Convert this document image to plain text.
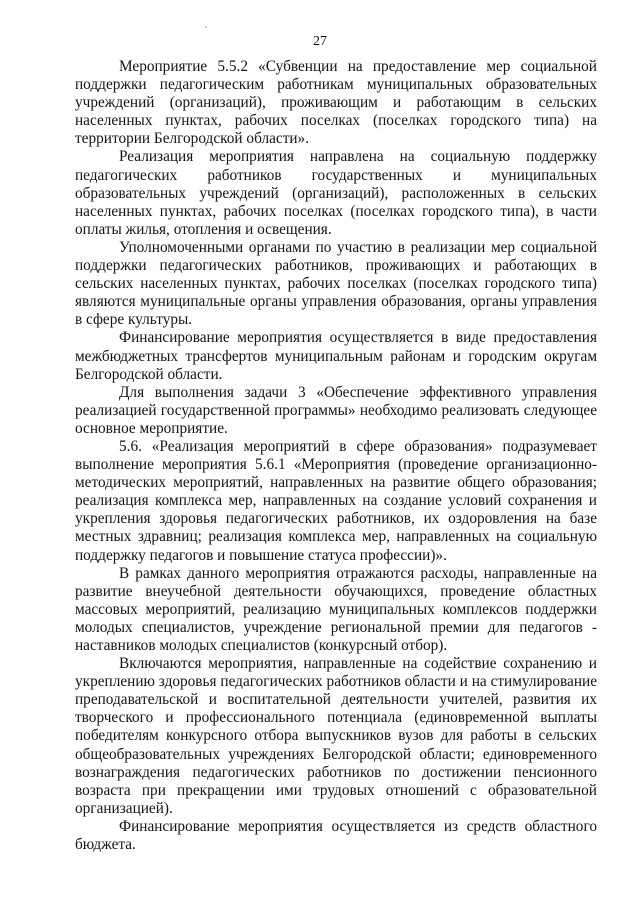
27

Мероприятие 5.5.2 «Субвенции на предоставление мер социальной поддержки педагогическим работникам муниципальных образовательных учреждений (организаций), проживающим и работающим в сельских населенных пунктах, рабочих поселках (поселках городского типа) на территории Белгородской области».

Реализация мероприятия направлена на социальную поддержку педагогических работников государственных и муниципальных образовательных учреждений (организаций), расположенных в сельских населенных пунктах, рабочих поселках (поселках городского типа), в части оплаты жилья, отопления и освещения.

Уполномоченными органами по участию в реализации мер социальной поддержки педагогических работников, проживающих и работающих в сельских населенных пунктах, рабочих поселках (поселках городского типа) являются муниципальные органы управления образования, органы управления в сфере культуры.

Финансирование мероприятия осуществляется в виде предоставления межбюджетных трансфертов муниципальным районам и городским округам Белгородской области.

Для выполнения задачи 3 «Обеспечение эффективного управления реализацией государственной программы» необходимо реализовать следующее основное мероприятие.

5.6. «Реализация мероприятий в сфере образования» подразумевает выполнение мероприятия 5.6.1 «Мероприятия (проведение организационно-методических мероприятий, направленных на развитие общего образования; реализация комплекса мер, направленных на создание условий сохранения и укрепления здоровья педагогических работников, их оздоровления на базе местных здравниц; реализация комплекса мер, направленных на социальную поддержку педагогов и повышение статуса профессии)».

В рамках данного мероприятия отражаются расходы, направленные на развитие внеучебной деятельности обучающихся, проведение областных массовых мероприятий, реализацию муниципальных комплексов поддержки молодых специалистов, учреждение региональной премии для педагогов - наставников молодых специалистов (конкурсный отбор).

Включаются мероприятия, направленные на содействие сохранению и укреплению здоровья педагогических работников области и на стимулирование преподавательской и воспитательной деятельности учителей, развития их творческого и профессионального потенциала (единовременной выплаты победителям конкурсного отбора выпускников вузов для работы в сельских общеобразовательных учреждениях Белгородской области; единовременного вознаграждения педагогических работников по достижении пенсионного возраста при прекращении ими трудовых отношений с образовательной организацией).

Финансирование мероприятия осуществляется из средств областного бюджета.
